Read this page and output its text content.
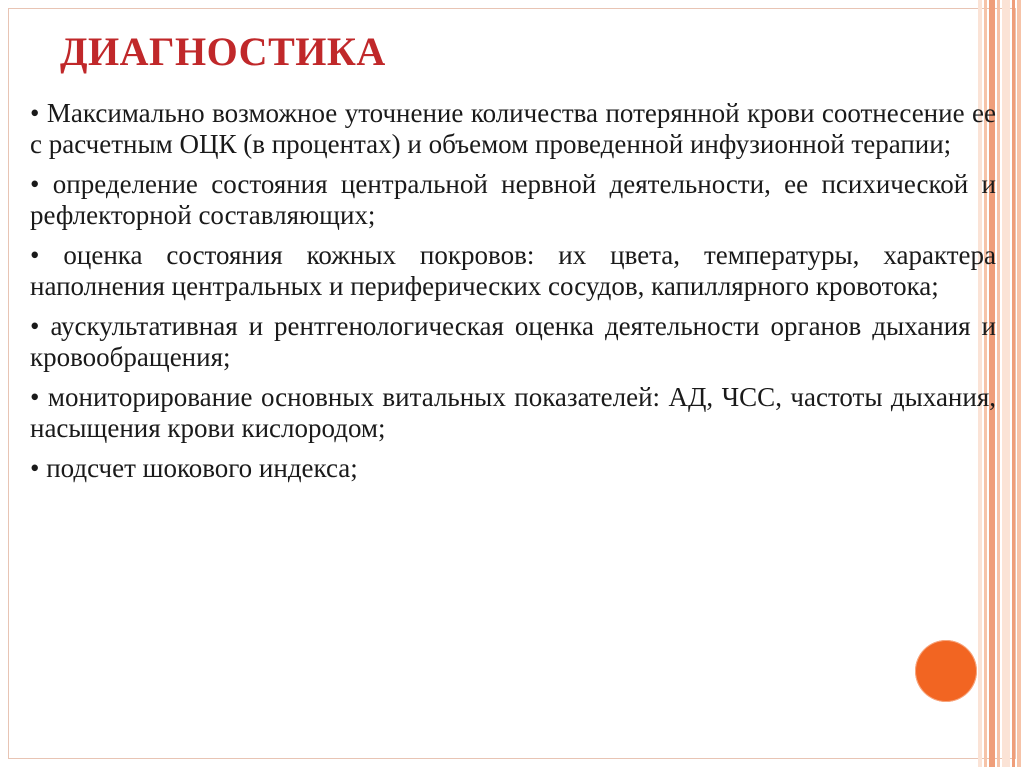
ДИАГНОСТИКА

• Максимально возможное уточнение количества потерянной крови соотнесение ее с расчетным ОЦК (в процентах) и объемом проведенной инфузионной терапии;

• определение состояния центральной нервной деятельности, ее психической и рефлекторной составляющих;

• оценка состояния кожных покровов: их цвета, температуры, характера наполнения центральных и периферических сосудов, капиллярного кровотока;

• аускультативная и рентгенологическая оценка деятельности органов дыхания и кровообращения;

• мониторирование основных витальных показателей: АД, ЧСС, частоты дыхания, насыщения крови кислородом;

• подсчет шокового индекса;
